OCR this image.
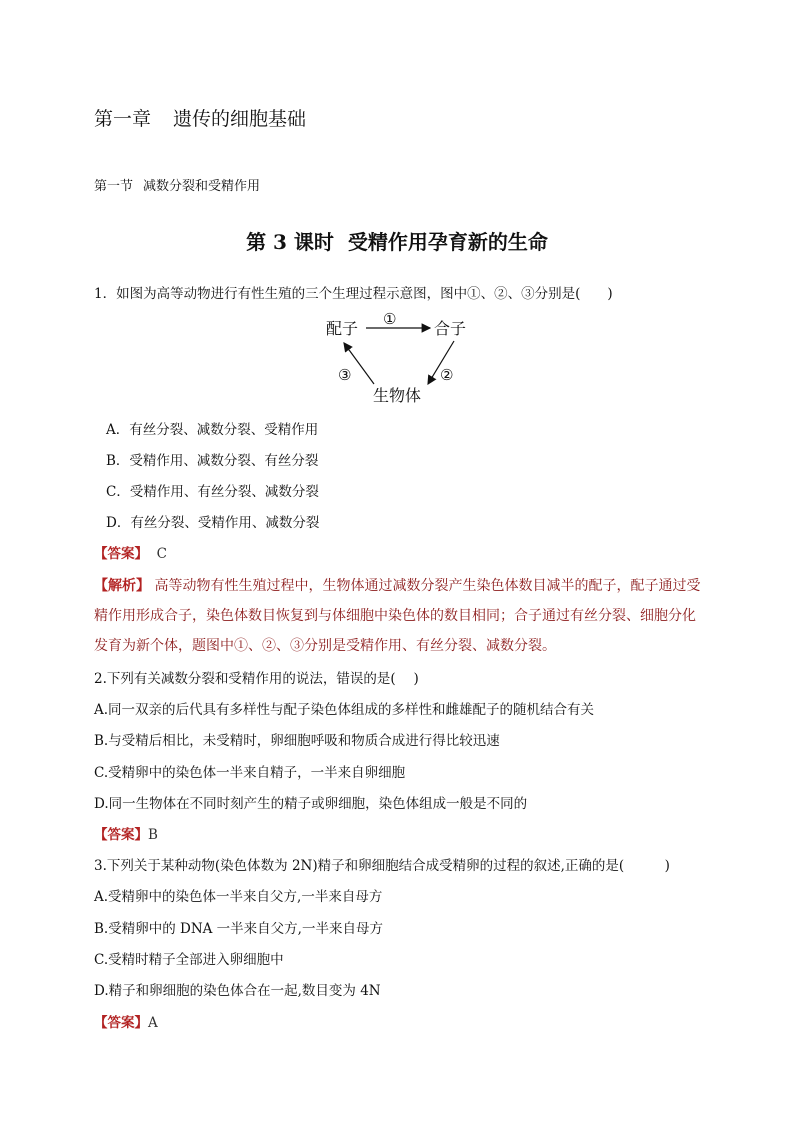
第一章 遗传的细胞基础
第一节 减数分裂和受精作用
第 3 课时 受精作用孕育新的生命
1．如图为高等动物进行有性生殖的三个生理过程示意图，图中①、②、③分别是(　　)
配子	合子
生物体
①
②
③
A．有丝分裂、减数分裂、受精作用
B．受精作用、减数分裂、有丝分裂
C．受精作用、有丝分裂、减数分裂
D．有丝分裂、受精作用、减数分裂
【答案】 C
【解析】 高等动物有性生殖过程中，生物体通过减数分裂产生染色体数目减半的配子，配子通过受精作用形成合子，染色体数目恢复到与体细胞中染色体的数目相同；合子通过有丝分裂、细胞分化发育为新个体，题图中①、②、③分别是受精作用、有丝分裂、减数分裂。
2.下列有关减数分裂和受精作用的说法，错误的是(　 )
A.同一双亲的后代具有多样性与配子染色体组成的多样性和雌雄配子的随机结合有关
B.与受精后相比，未受精时，卵细胞呼吸和物质合成进行得比较迅速
C.受精卵中的染色体一半来自精子，一半来自卵细胞
D.同一生物体在不同时刻产生的精子或卵细胞，染色体组成一般是不同的
【答案】B
3.下列关于某种动物(染色体数为 2N)精子和卵细胞结合成受精卵的过程的叙述,正确的是(　　　)
A.受精卵中的染色体一半来自父方,一半来自母方
B.受精卵中的 DNA 一半来自父方,一半来自母方
C.受精时精子全部进入卵细胞中
D.精子和卵细胞的染色体合在一起,数目变为 4N
【答案】A
